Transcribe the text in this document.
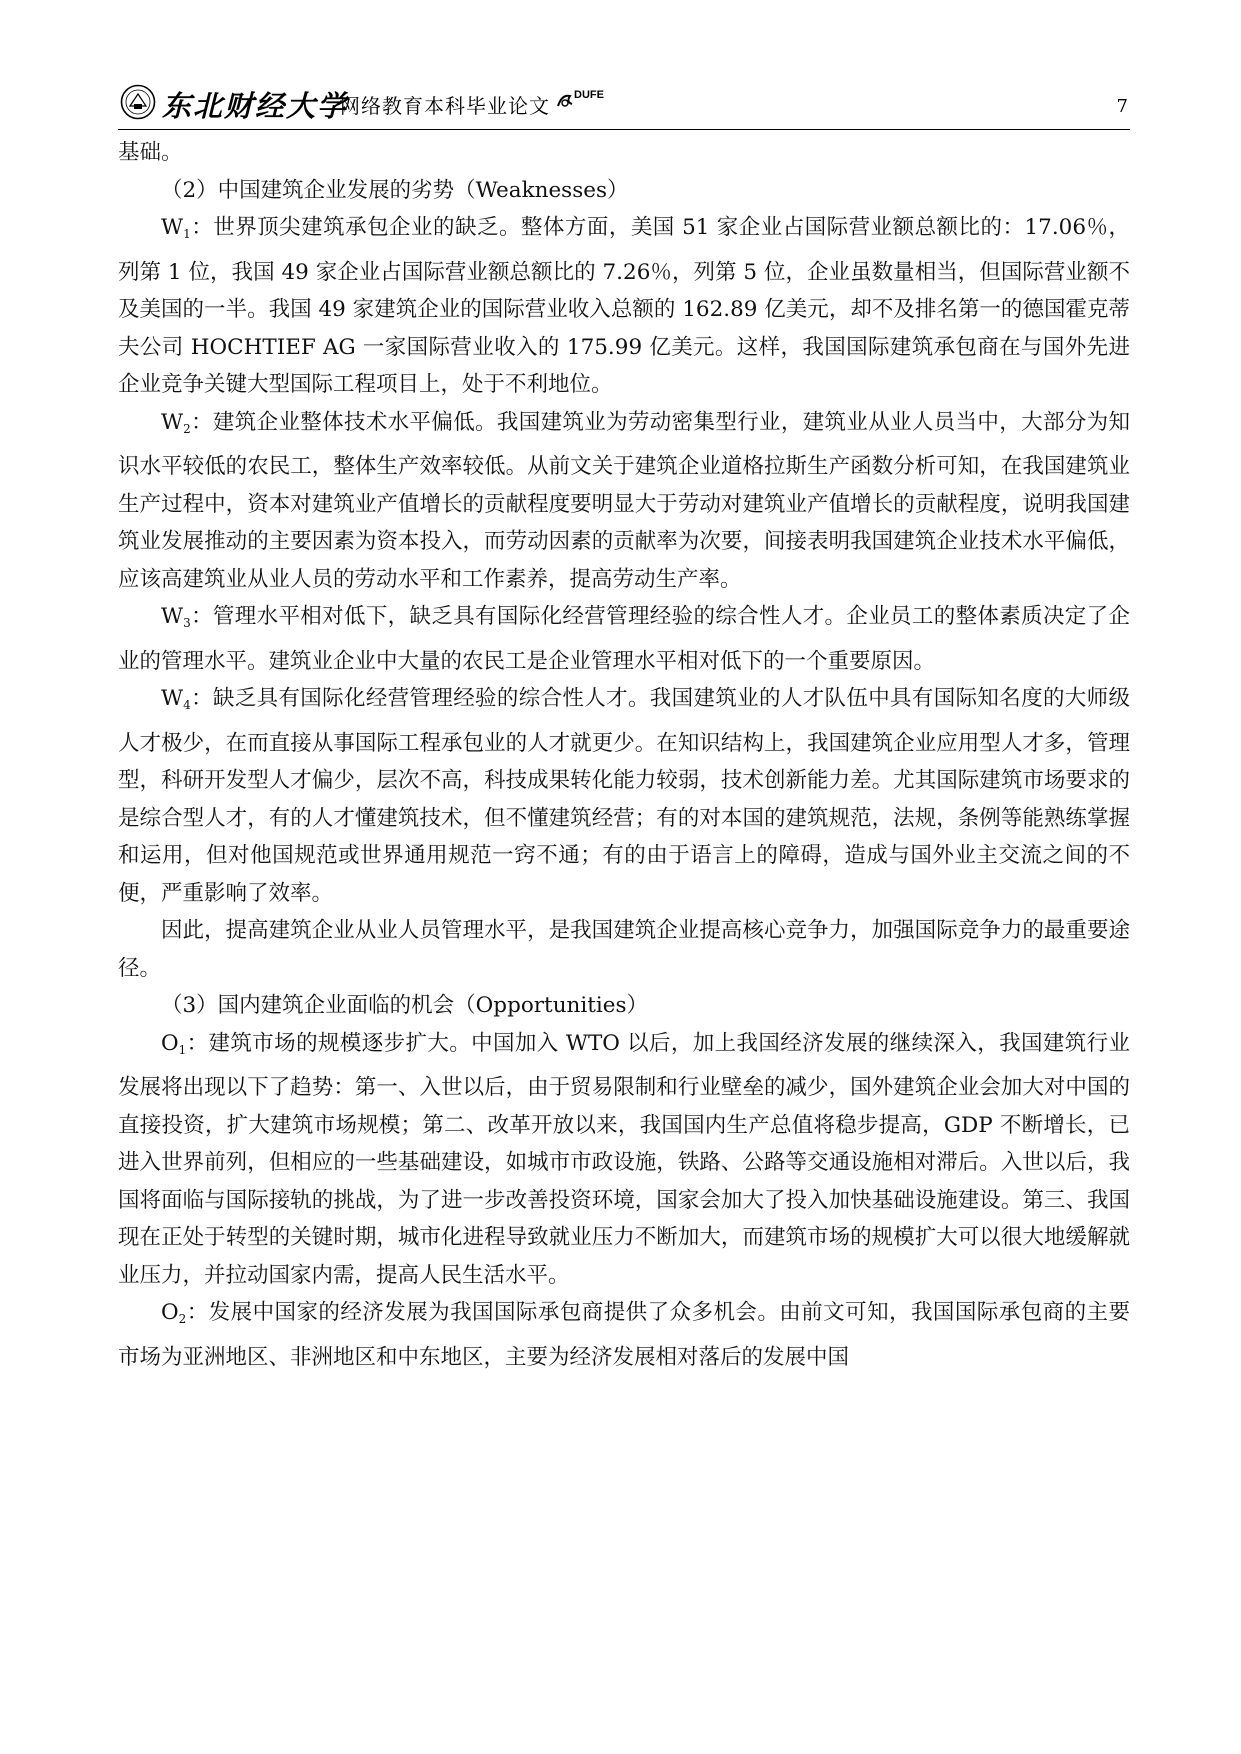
东北财经大学
网络教育本科毕业论文 DUFE
7

基础。

（2）中国建筑企业发展的劣势（Weaknesses）

$W_1$：世界顶尖建筑承包企业的缺乏。整体方面，美国 51 家企业占国际营业额总额比的：17.06％，列第 1 位，我国 49 家企业占国际营业额总额比的 7.26％，列第 5 位，企业虽数量相当，但国际营业额不及美国的一半。我国 49 家建筑企业的国际营业收入总额的 162.89 亿美元，却不及排名第一的德国霍克蒂夫公司 HOCHTIEF AG 一家国际营业收入的 175.99 亿美元。这样，我国国际建筑承包商在与国外先进企业竞争关键大型国际工程项目上，处于不利地位。

$W_2$：建筑企业整体技术水平偏低。我国建筑业为劳动密集型行业，建筑业从业人员当中，大部分为知识水平较低的农民工，整体生产效率较低。从前文关于建筑企业道格拉斯生产函数分析可知，在我国建筑业生产过程中，资本对建筑业产值增长的贡献程度要明显大于劳动对建筑业产值增长的贡献程度，说明我国建筑业发展推动的主要因素为资本投入，而劳动因素的贡献率为次要，间接表明我国建筑企业技术水平偏低，应该高建筑业从业人员的劳动水平和工作素养，提高劳动生产率。

$W_3$：管理水平相对低下，缺乏具有国际化经营管理经验的综合性人才。企业员工的整体素质决定了企业的管理水平。建筑业企业中大量的农民工是企业管理水平相对低下的一个重要原因。

$W_4$：缺乏具有国际化经营管理经验的综合性人才。我国建筑业的人才队伍中具有国际知名度的大师级人才极少，在而直接从事国际工程承包业的人才就更少。在知识结构上，我国建筑企业应用型人才多，管理型，科研开发型人才偏少，层次不高，科技成果转化能力较弱，技术创新能力差。尤其国际建筑市场要求的是综合型人才，有的人才懂建筑技术，但不懂建筑经营；有的对本国的建筑规范，法规，条例等能熟练掌握和运用，但对他国规范或世界通用规范一窍不通；有的由于语言上的障碍，造成与国外业主交流之间的不便，严重影响了效率。

因此，提高建筑企业从业人员管理水平，是我国建筑企业提高核心竞争力，加强国际竞争力的最重要途径。

（3）国内建筑企业面临的机会（Opportunities）

$O_1$：建筑市场的规模逐步扩大。中国加入 WTO 以后，加上我国经济发展的继续深入，我国建筑行业发展将出现以下了趋势：第一、入世以后，由于贸易限制和行业壁垒的减少，国外建筑企业会加大对中国的直接投资，扩大建筑市场规模；第二、改革开放以来，我国国内生产总值将稳步提高，GDP 不断增长，已进入世界前列，但相应的一些基础建设，如城市市政设施，铁路、公路等交通设施相对滞后。入世以后，我国将面临与国际接轨的挑战，为了进一步改善投资环境，国家会加大了投入加快基础设施建设。第三、我国现在正处于转型的关键时期，城市化进程导致就业压力不断加大，而建筑市场的规模扩大可以很大地缓解就业压力，并拉动国家内需，提高人民生活水平。

$O_2$：发展中国家的经济发展为我国国际承包商提供了众多机会。由前文可知，我国国际承包商的主要市场为亚洲地区、非洲地区和中东地区，主要为经济发展相对落后的发展中国
